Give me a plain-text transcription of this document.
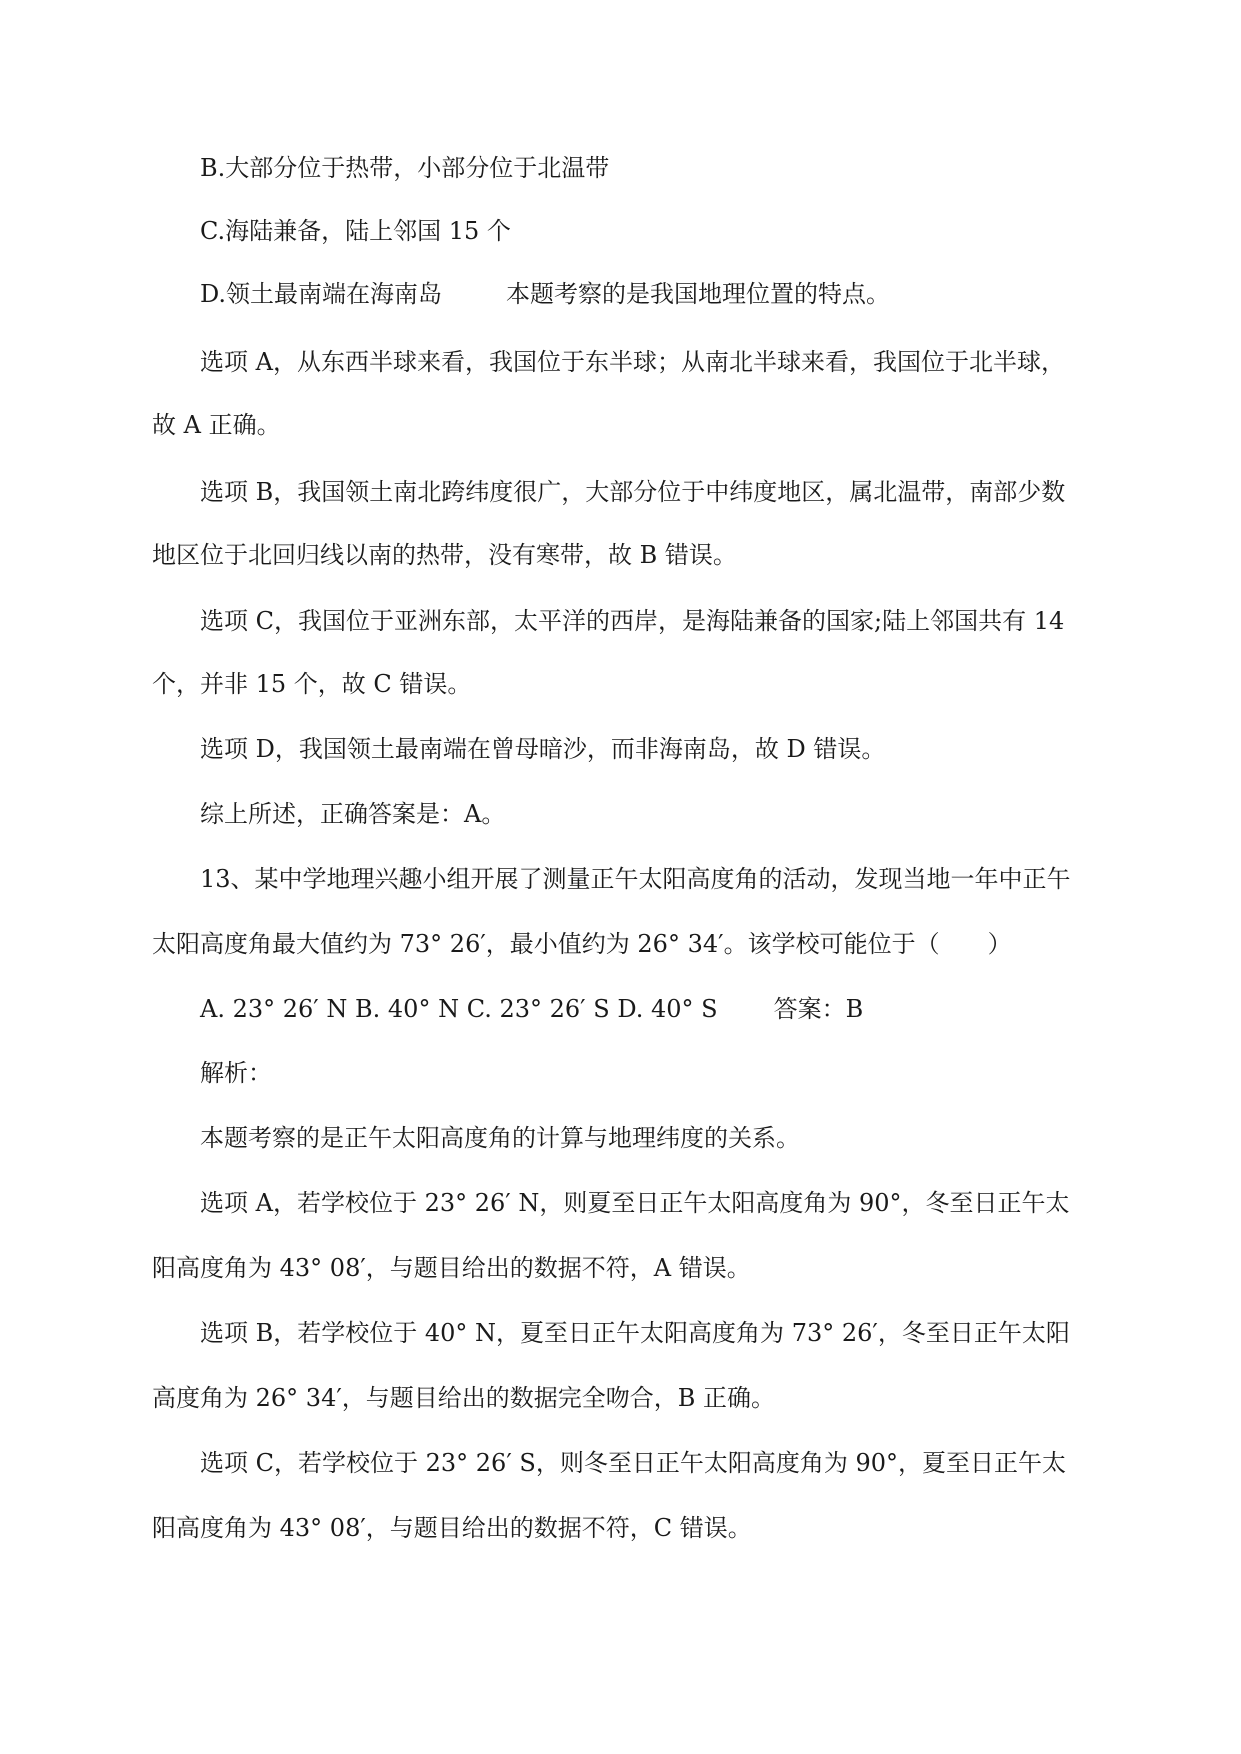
B.大部分位于热带，小部分位于北温带
C.海陆兼备，陆上邻国 15 个
D.领土最南端在海南岛	本题考察的是我国地理位置的特点。
选项 A，从东西半球来看，我国位于东半球；从南北半球来看，我国位于北半球，
故 A 正确。
选项 B，我国领土南北跨纬度很广，大部分位于中纬度地区，属北温带，南部少数
地区位于北回归线以南的热带，没有寒带，故 B 错误。
选项 C，我国位于亚洲东部，太平洋的西岸，是海陆兼备的国家;陆上邻国共有 14
个，并非 15 个，故 C 错误。
选项 D，我国领土最南端在曾母暗沙，而非海南岛，故 D 错误。
综上所述，正确答案是：A。
13、某中学地理兴趣小组开展了测量正午太阳高度角的活动，发现当地一年中正午
太阳高度角最大值约为 73° 26′，最小值约为 26° 34′。该学校可能位于（　　）
A. 23° 26′ N B. 40° N C. 23° 26′ S D. 40° S 答案：B
解析：
本题考察的是正午太阳高度角的计算与地理纬度的关系。
选项 A，若学校位于 23° 26′ N，则夏至日正午太阳高度角为 90°，冬至日正午太
阳高度角为 43° 08′，与题目给出的数据不符，A 错误。
选项 B，若学校位于 40° N，夏至日正午太阳高度角为 73° 26′，冬至日正午太阳
高度角为 26° 34′，与题目给出的数据完全吻合，B 正确。
选项 C，若学校位于 23° 26′ S，则冬至日正午太阳高度角为 90°，夏至日正午太
阳高度角为 43° 08′，与题目给出的数据不符，C 错误。
